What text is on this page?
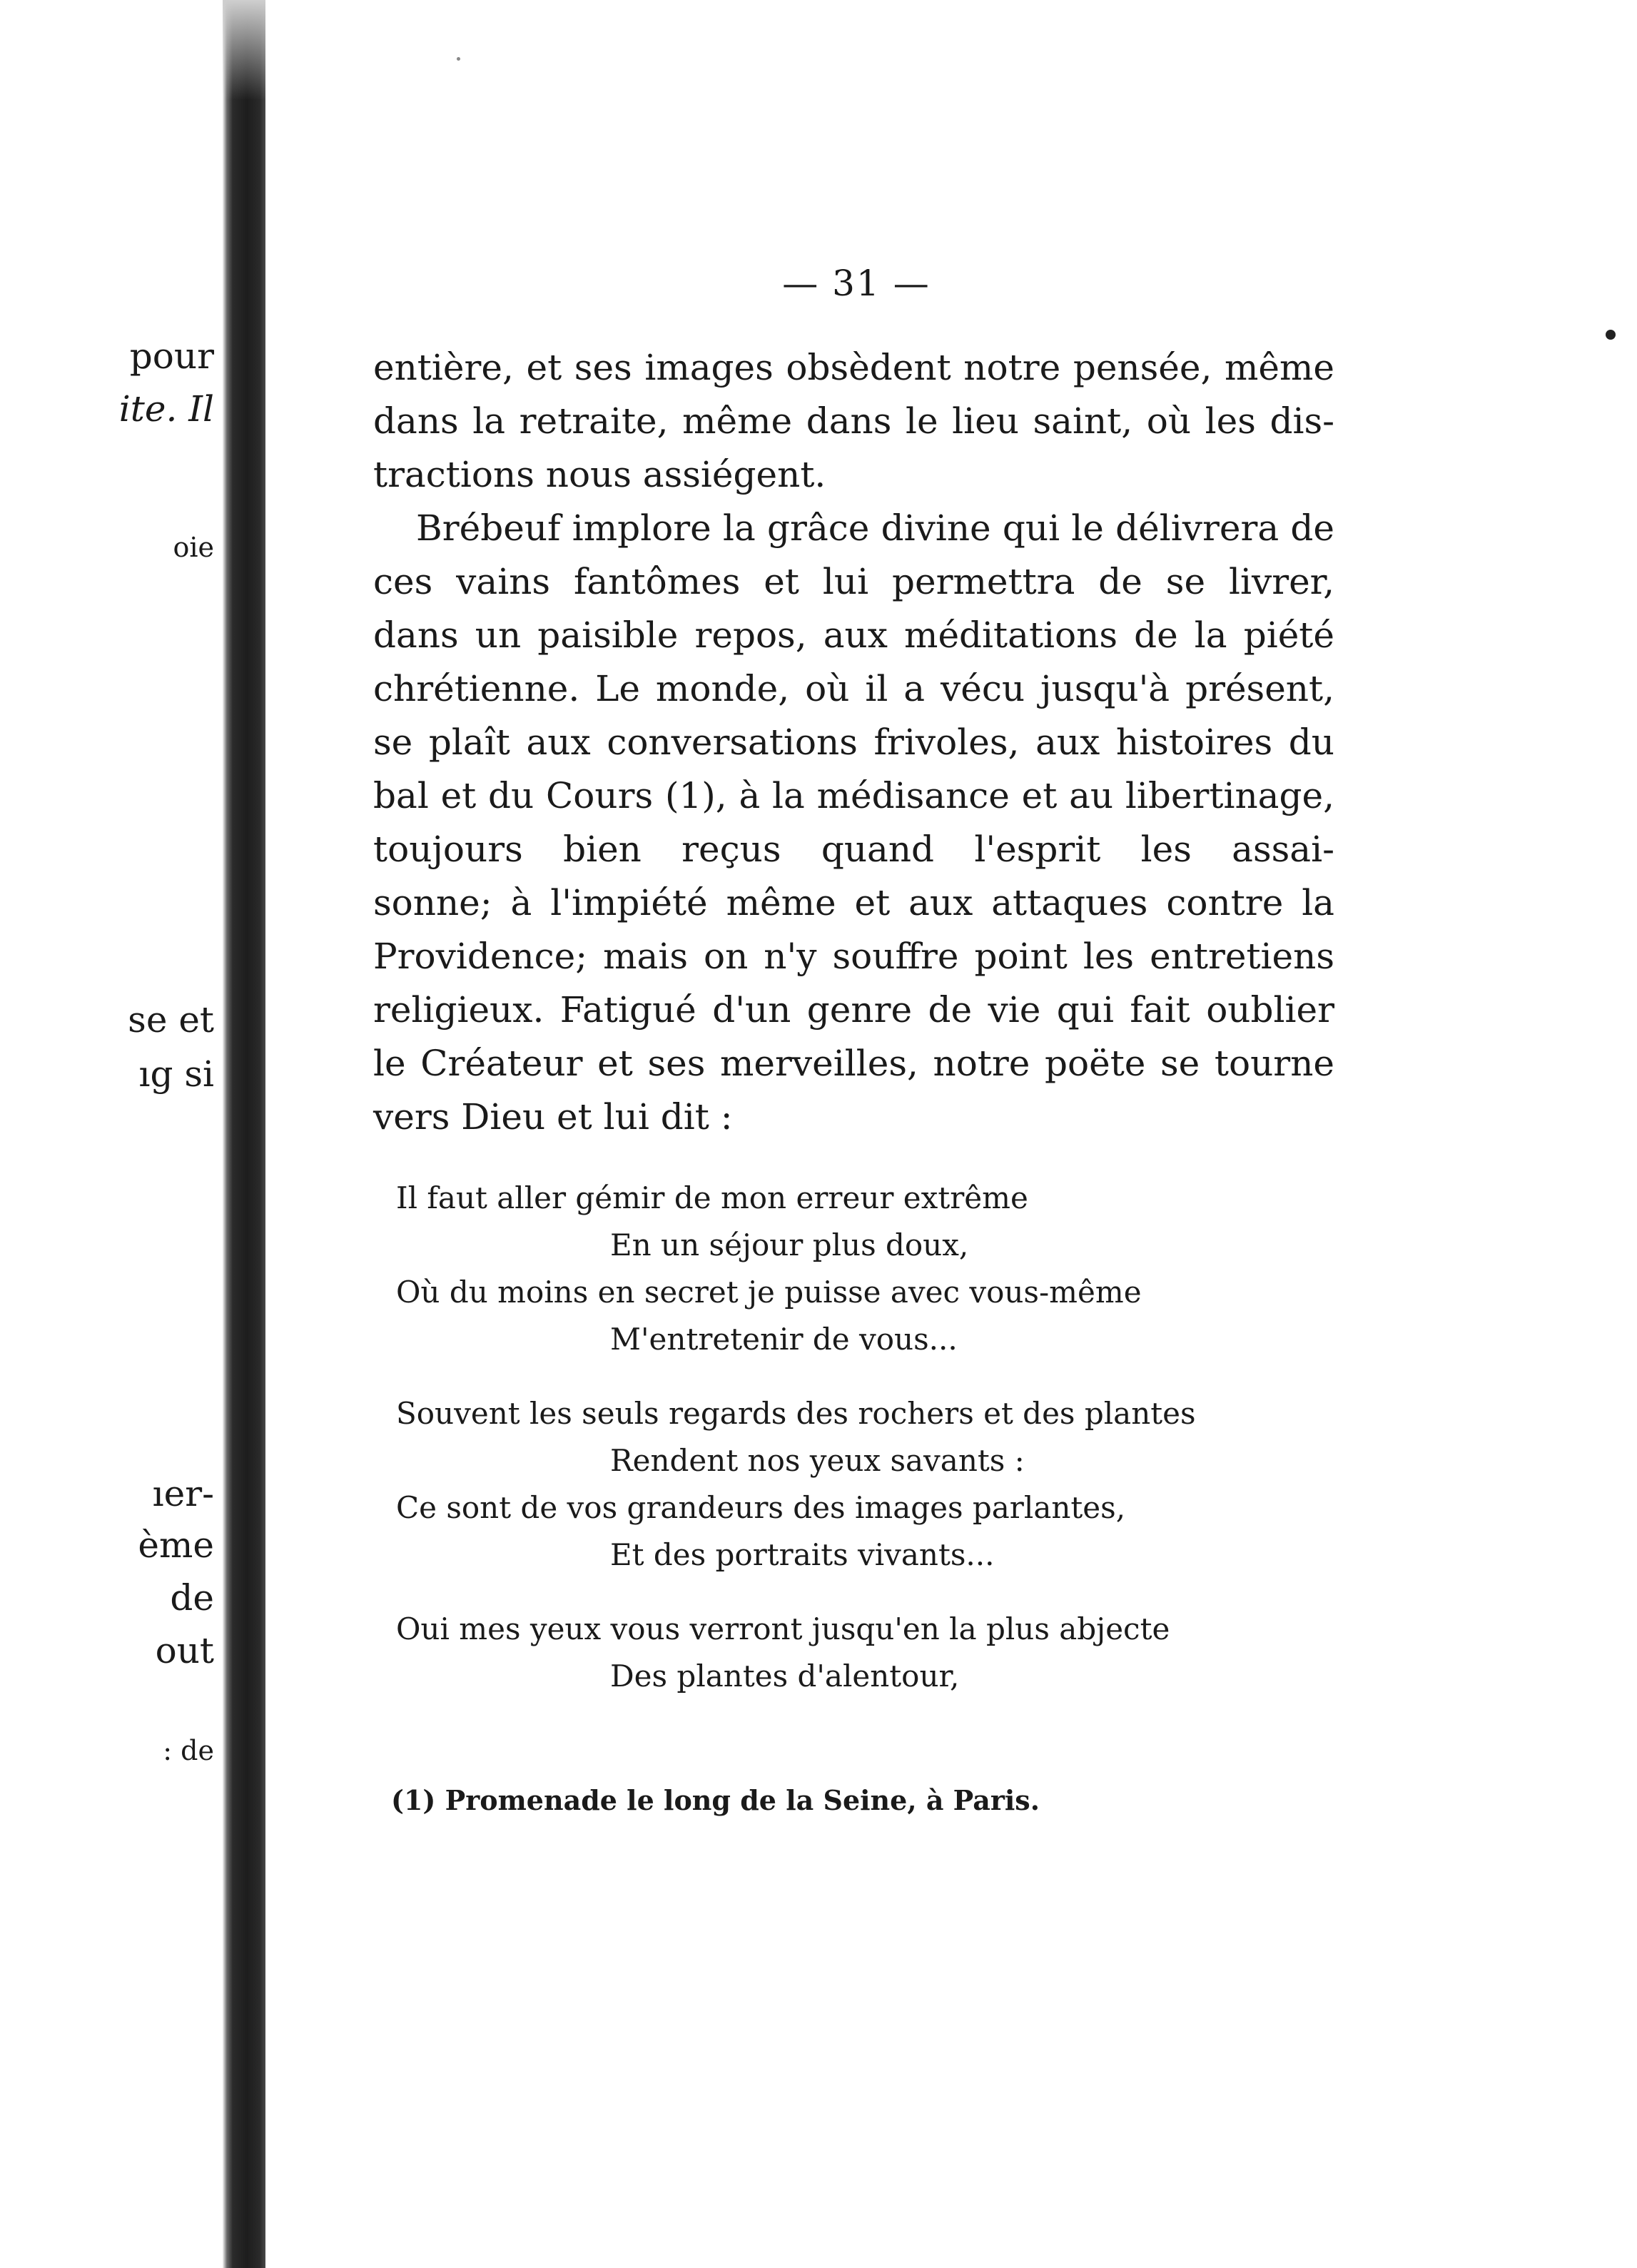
pour
ite. Il
oie
se et
ıg si
ıer-
ème
de
out
: de
— 31 —
entière, et ses images obsèdent notre pensée, même
dans la retraite, même dans le lieu saint, où les dis-
tractions nous assiégent.
Brébeuf implore la grâce divine qui le délivrera de
ces vains fantômes et lui permettra de se livrer,
dans un paisible repos, aux méditations de la piété
chrétienne. Le monde, où il a vécu jusqu'à présent,
se plaît aux conversations frivoles, aux histoires du
bal et du Cours (1), à la médisance et au libertinage,
toujours bien reçus quand l'esprit les assai-
sonne; à l'impiété même et aux attaques contre la
Providence; mais on n'y souffre point les entretiens
religieux. Fatigué d'un genre de vie qui fait oublier
le Créateur et ses merveilles, notre poëte se tourne
vers Dieu et lui dit :
Il faut aller gémir de mon erreur extrême
En un séjour plus doux,
Où du moins en secret je puisse avec vous-même
M'entretenir de vous...
Souvent les seuls regards des rochers et des plantes
Rendent nos yeux savants :
Ce sont de vos grandeurs des images parlantes,
Et des portraits vivants...
Oui mes yeux vous verront jusqu'en la plus abjecte
Des plantes d'alentour,
(1) Promenade le long de la Seine, à Paris.
